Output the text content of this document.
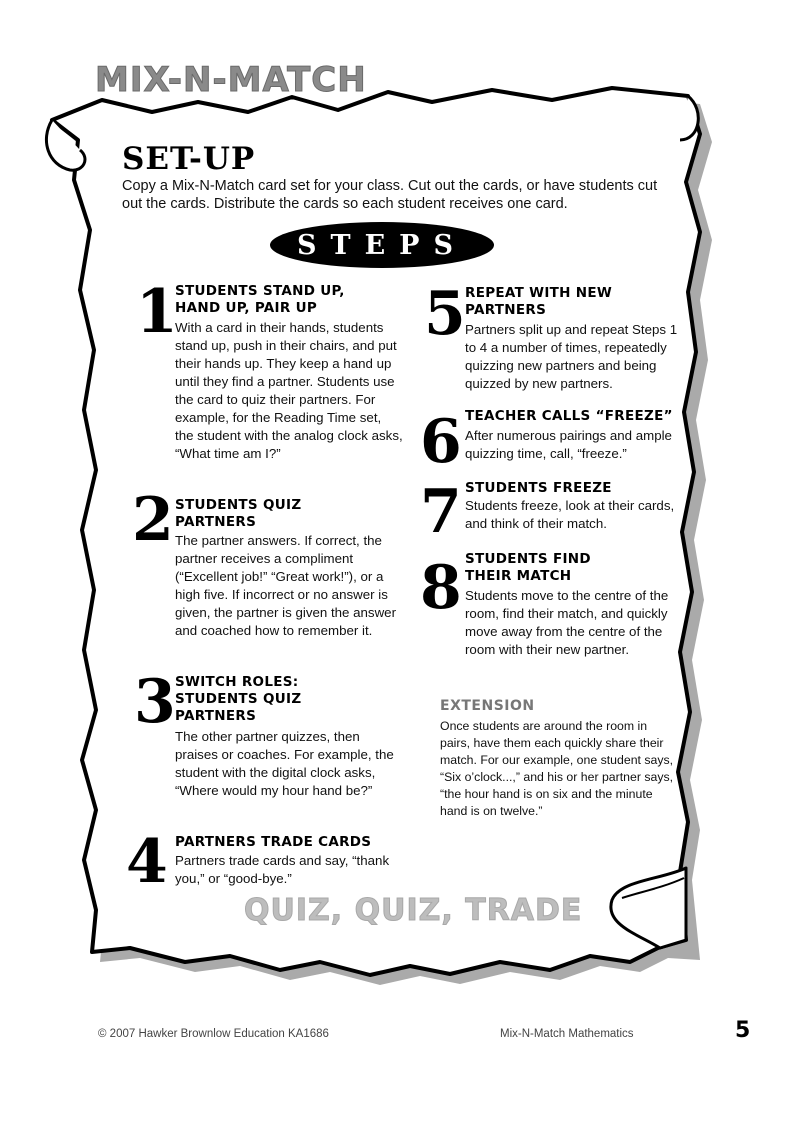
MIX-N-MATCH
SET-UP
Copy a Mix-N-Match card set for your class. Cut out the cards, or have students cut out the cards. Distribute the cards so each student receives one card.
STEPS
1
STUDENTS STAND UP, HAND UP, PAIR UP
With a card in their hands, students stand up, push in their chairs, and put their hands up. They keep a hand up until they find a partner. Students use the card to quiz their partners. For example, for the Reading Time set, the student with the analog clock asks, “What time am I?”
2 STUDENTS QUIZ PARTNERS
The partner answers. If correct, the partner receives a compliment (“Excellent job!” “Great work!”), or a high five. If incorrect or no answer is given, the partner is given the answer and coached how to remember it.
3 SWITCH ROLES: STUDENTS QUIZ PARTNERS
The other partner quizzes, then praises or coaches. For example, the student with the digital clock asks, “Where would my hour hand be?”
4 PARTNERS TRADE CARDS
Partners trade cards and say, “thank you,” or “good-bye.”
5 REPEAT WITH NEW PARTNERS
Partners split up and repeat Steps 1 to 4 a number of times, repeatedly quizzing new partners and being quizzed by new partners.
6 TEACHER CALLS “FREEZE”
After numerous pairings and ample quizzing time, call, “freeze.”
7 STUDENTS FREEZE
Students freeze, look at their cards, and think of their match.
8 STUDENTS FIND THEIR MATCH
Students move to the centre of the room, find their match, and quickly move away from the centre of the room with their new partner.
EXTENSION
Once students are around the room in pairs, have them each quickly share their match. For our example, one student says, “Six o’clock...,” and his or her partner says, “the hour hand is on six and the minute hand is on twelve.”
QUIZ, QUIZ, TRADE
© 2007 Hawker Brownlow Education KA1686	Mix-N-Match Mathematics	5
